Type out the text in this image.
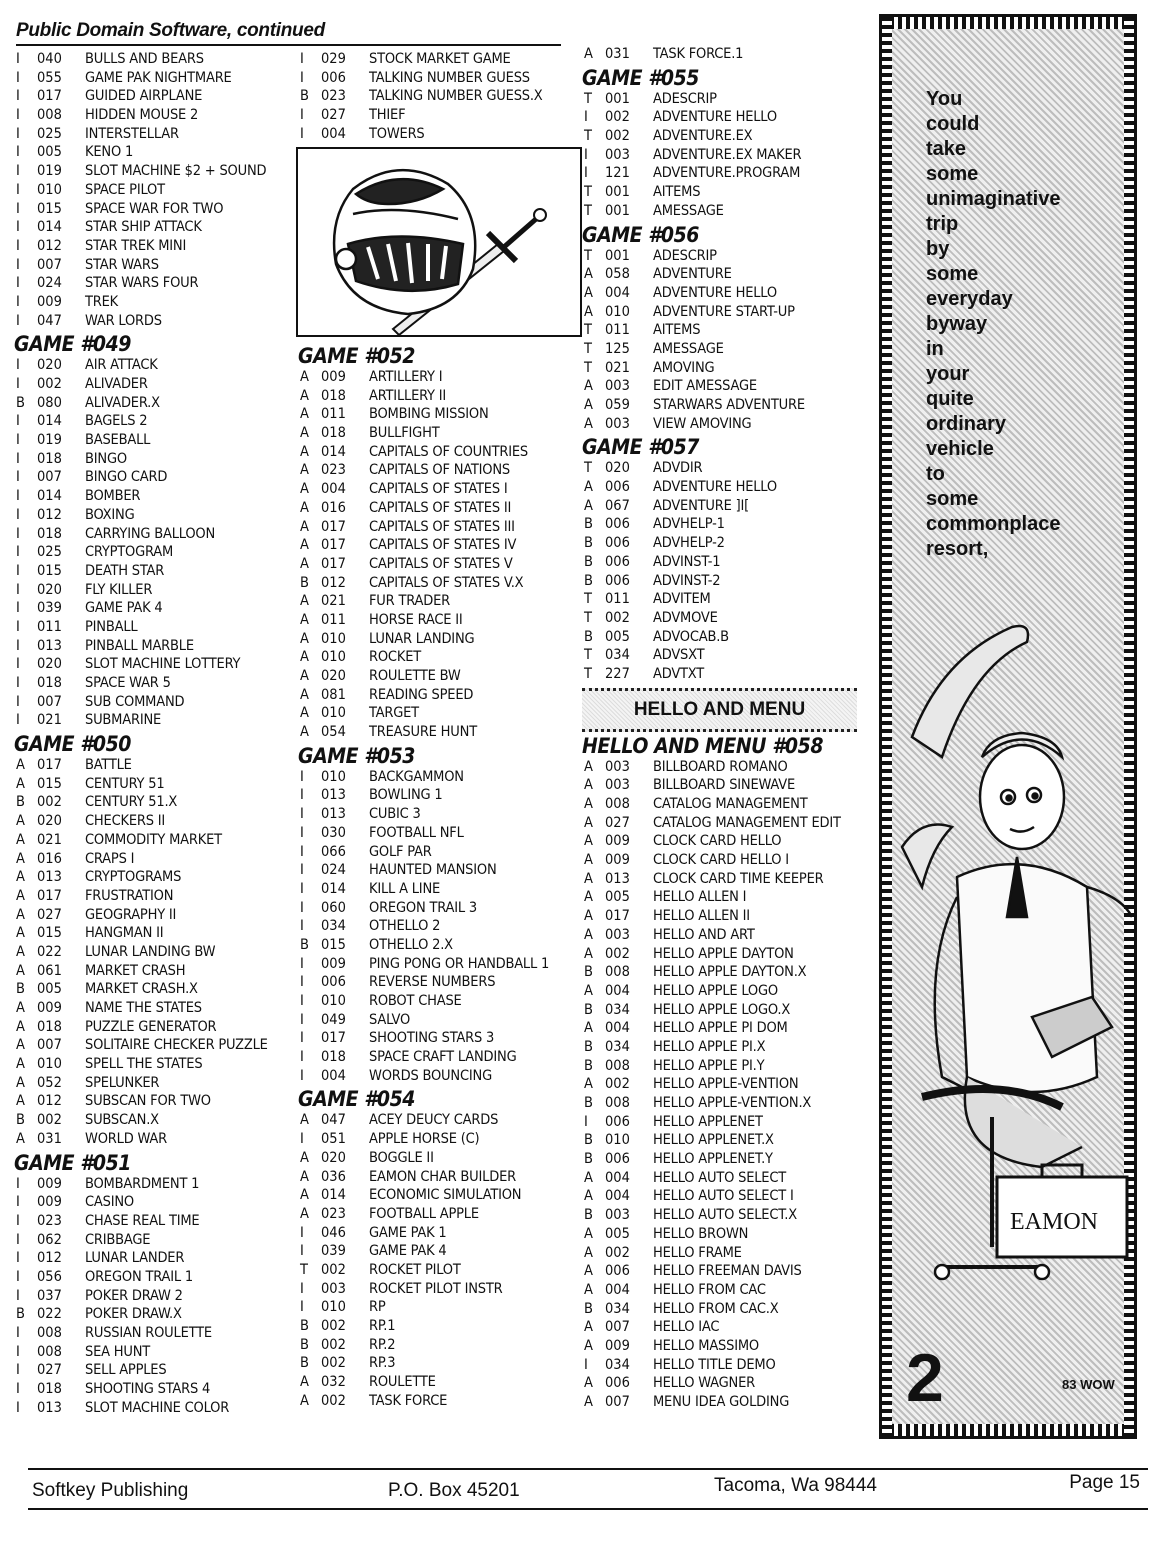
Public Domain Software, continued
I	040	BULLS AND BEARS
I	055	GAME PAK NIGHTMARE
I	017	GUIDED AIRPLANE
I	008	HIDDEN MOUSE 2
I	025	INTERSTELLAR
I	005	KENO 1
I	019	SLOT MACHINE $2 + SOUND
I	010	SPACE PILOT
I	015	SPACE WAR FOR TWO
I	014	STAR SHIP ATTACK
I	012	STAR TREK MINI
I	007	STAR WARS
I	024	STAR WARS FOUR
I	009	TREK
I	047	WAR LORDS
GAME #049
I	020	AIR ATTACK
I	002	ALIVADER
B 080	ALIVADER.X
I	014	BAGELS 2
I	019	BASEBALL
I	018	BINGO
I	007	BINGO CARD
I	014	BOMBER
I	012	BOXING
I	018	CARRYING BALLOON
I	025	CRYPTOGRAM
I	015	DEATH STAR
I	020	FLY KILLER
I	039	GAME PAK 4
I	011	PINBALL
I	013	PINBALL MARBLE
I	020	SLOT MACHINE LOTTERY
I	018	SPACE WAR 5
I	007	SUB COMMAND
I	021	SUBMARINE
GAME #050
A 017	BATTLE
A 015	CENTURY 51
B 002	CENTURY 51.X
A 020	CHECKERS II
A 021	COMMODITY MARKET
A 016	CRAPS I
A 013	CRYPTOGRAMS
A 017	FRUSTRATION
A 027	GEOGRAPHY II
A 015	HANGMAN II
A 022	LUNAR LANDING BW
A 061	MARKET CRASH
B 005	MARKET CRASH.X
A 009	NAME THE STATES
A 018	PUZZLE GENERATOR
A 007	SOLITAIRE CHECKER PUZZLE
A 010	SPELL THE STATES
A 052	SPELUNKER
A 012	SUBSCAN FOR TWO
B 002	SUBSCAN.X
A 031	WORLD WAR
GAME #051
I	009	BOMBARDMENT 1
I	009	CASINO
I	023	CHASE REAL TIME
I	062	CRIBBAGE
I	012	LUNAR LANDER
I	056	OREGON TRAIL 1
I	037	POKER DRAW 2
B 022	POKER DRAW.X
I	008	RUSSIAN ROULETTE
I	008	SEA HUNT
I	027	SELL APPLES
I	018	SHOOTING STARS 4
I	013	SLOT MACHINE COLOR
I	029	STOCK MARKET GAME
I	006	TALKING NUMBER GUESS
B 023	TALKING NUMBER GUESS.X
I	027	THIEF
I	004	TOWERS
GAME #052
A 009	ARTILLERY I
A 018	ARTILLERY II
A 011	BOMBING MISSION
A 018	BULLFIGHT
A 014	CAPITALS OF COUNTRIES
A 023	CAPITALS OF NATIONS
A 004	CAPITALS OF STATES I
A 016	CAPITALS OF STATES II
A 017	CAPITALS OF STATES III
A 017	CAPITALS OF STATES IV
A 017	CAPITALS OF STATES V
B 012	CAPITALS OF STATES V.X
A 021	FUR TRADER
A 011	HORSE RACE II
A 010	LUNAR LANDING
A 010	ROCKET
A 020	ROULETTE BW
A 081	READING SPEED
A 010	TARGET
A 054	TREASURE HUNT
GAME #053
I	010	BACKGAMMON
I	013	BOWLING 1
I	013	CUBIC 3
I	030	FOOTBALL NFL
I	066	GOLF PAR
I	024	HAUNTED MANSION
I	014	KILL A LINE
I	060	OREGON TRAIL 3
I	034	OTHELLO 2
B 015	OTHELLO 2.X
I	009	PING PONG OR HANDBALL 1
I	006	REVERSE NUMBERS
I	010	ROBOT CHASE
I	049	SALVO
I	017	SHOOTING STARS 3
I	018	SPACE CRAFT LANDING
I	004	WORDS BOUNCING
GAME #054
A 047	ACEY DEUCY CARDS
I	051	APPLE HORSE (C)
A 020	BOGGLE II
A 036	EAMON CHAR BUILDER
A 014	ECONOMIC SIMULATION
A 023	FOOTBALL APPLE
I	046	GAME PAK 1
I	039	GAME PAK 4
T 002	ROCKET PILOT
I	003	ROCKET PILOT INSTR
I	010	RP
B 002	RP.1
B 002	RP.2
B 002	RP.3
A 032	ROULETTE
A 002	TASK FORCE
A 031	TASK FORCE.1
GAME #055
T 001	ADESCRIP
I	002	ADVENTURE HELLO
T 002	ADVENTURE.EX
I	003	ADVENTURE.EX MAKER
I	121	ADVENTURE.PROGRAM
T 001	AITEMS
T 001	AMESSAGE
GAME #056
T 001	ADESCRIP
A 058	ADVENTURE
A 004	ADVENTURE HELLO
A 010	ADVENTURE START-UP
T 011	AITEMS
T 125	AMESSAGE
T 021	AMOVING
A 003	EDIT AMESSAGE
A 059	STARWARS ADVENTURE
A 003	VIEW AMOVING
GAME #057
T 020	ADVDIR
A 006	ADVENTURE HELLO
A 067	ADVENTURE ]I[
B 006	ADVHELP-1
B 006	ADVHELP-2
B 006	ADVINST-1
B 006	ADVINST-2
T 011	ADVITEM
T 002	ADVMOVE
B 005	ADVOCAB.B
T 034	ADVSXT
T 227	ADVTXT
HELLO AND MENU
HELLO AND MENU #058
A 003	BILLBOARD ROMANO
A 003	BILLBOARD SINEWAVE
A 008	CATALOG MANAGEMENT
A 027	CATALOG MANAGEMENT EDIT
A 009	CLOCK CARD HELLO
A 009	CLOCK CARD HELLO I
A 013	CLOCK CARD TIME KEEPER
A 005	HELLO ALLEN I
A 017	HELLO ALLEN II
A 003	HELLO AND ART
A 002	HELLO APPLE DAYTON
B 008	HELLO APPLE DAYTON.X
A 004	HELLO APPLE LOGO
B 034	HELLO APPLE LOGO.X
A 004	HELLO APPLE PI DOM
B 034	HELLO APPLE PI.X
B 008	HELLO APPLE PI.Y
A 002	HELLO APPLE-VENTION
B 008	HELLO APPLE-VENTION.X
I	006	HELLO APPLENET
B 010	HELLO APPLENET.X
B 006	HELLO APPLENET.Y
A 004	HELLO AUTO SELECT
A 004	HELLO AUTO SELECT I
B 003	HELLO AUTO SELECT.X
A 005	HELLO BROWN
A 002	HELLO FRAME
A 006	HELLO FREEMAN DAVIS
A 004	HELLO FROM CAC
B 034	HELLO FROM CAC.X
A 007	HELLO IAC
A 009	HELLO MASSIMO
I	034	HELLO TITLE DEMO
A 006	HELLO WAGNER
A 007	MENU IDEA GOLDING
You
could
take
some
unimaginative
trip
by
some
everyday
byway
in
your
quite
ordinary
vehicle
to
some
commonplace
resort,
EAMON
83 WOW
2
Softkey Publishing	P.O. Box 45201	Tacoma, Wa 98444	Page 15
